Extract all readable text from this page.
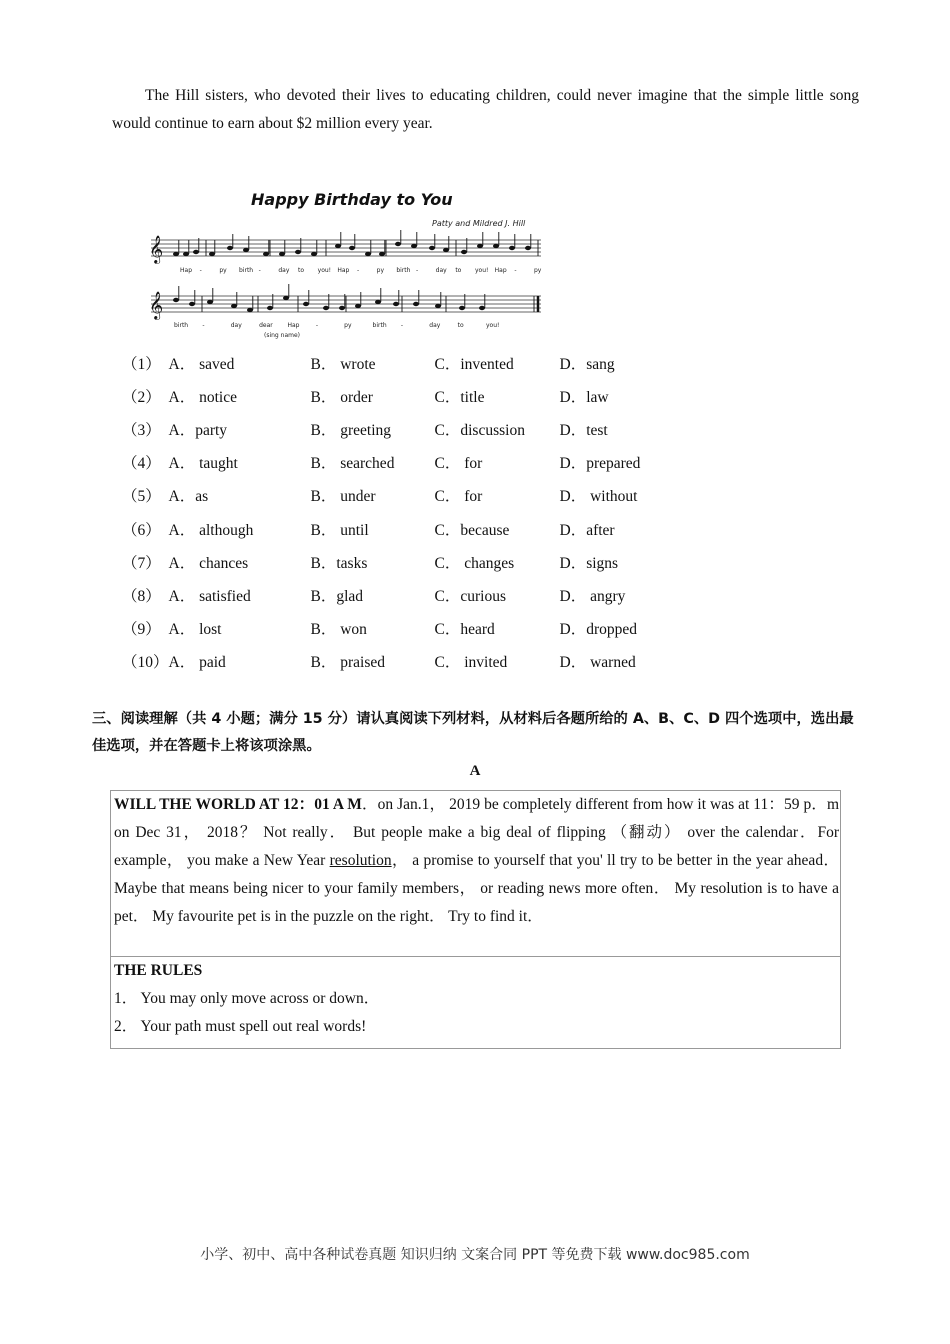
The Hill sisters, who devoted their lives to educating children, could never imagine that the simple little song would continue to earn about $2 million every year.
Happy Birthday to You
Patty and Mildred J. Hill
𝄞
𝄞
Hap -	py birth -	day to you! Hap -	py birth -	day to you! Hap -	py
birth -	day	dear Hap	-	py	birth -	day	to	you!
(sing name)
（1）	A． saved	B． wrote	C．invented	D．sang
（2）	A． notice	B． order	C．title	D．law
（3）	A．party	B． greeting	C．discussion	D．test
（4）	A． taught	B． searched	C． for	D．prepared
（5）	A．as	B． under	C． for	D． without
（6）	A． although	B． until	C．because	D．after
（7）	A． chances	B．tasks	C． changes	D．signs
（8）	A． satisfied	B．glad	C．curious	D． angry
（9）	A． lost	B． won	C．heard	D．dropped
（10）	A． paid	B． praised	C． invited	D． warned
三、阅读理解（共 4 小题；满分 15 分）请认真阅读下列材料，从材料后各题所给的 A、B、C、D 四个选项中，选出最佳选项，并在答题卡上将该项涂黑。
A
WILL THE WORLD AT 12：01 A M．on Jan.1， 2019 be completely different from how it was at 11：59 p．m on Dec 31， 2018？ Not really． But people make a big deal of flipping （翻动） over the calendar．For example， you make a New Year resolution， a promise to yourself that you' ll try to be better in the year ahead． Maybe that means being nicer to your family members， or reading news more often． My resolution is to have a pet． My favourite pet is in the puzzle on the right． Try to find it．
THE RULES
1． You may only move across or down．
2． Your path must spell out real words!
小学、初中、高中各种试卷真题 知识归纳 文案合同 PPT 等免费下载 www.doc985.com
